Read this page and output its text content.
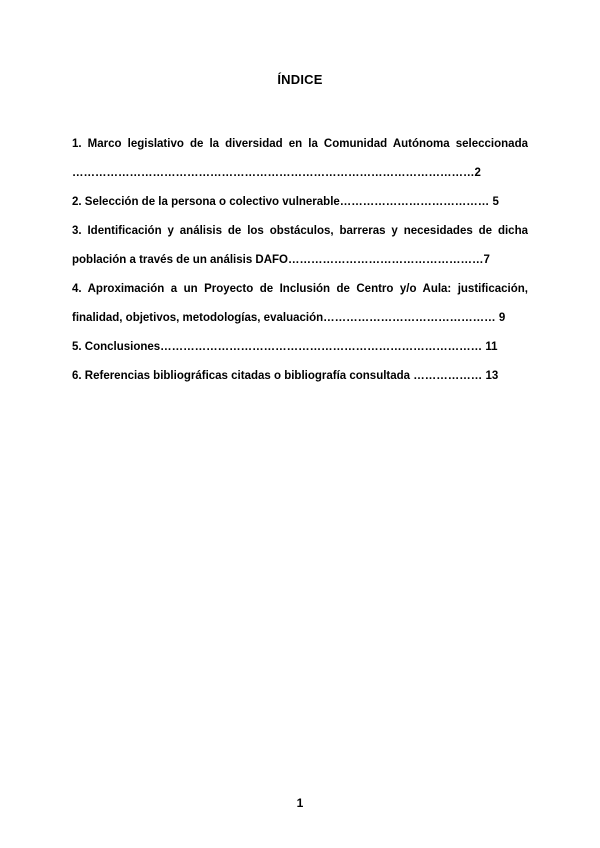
ÍNDICE
1. Marco legislativo de la diversidad en la Comunidad Autónoma seleccionada
……………………………………………………………………………………………2
2. Selección de la persona o colectivo vulnerable………………………………… 5
3. Identificación y análisis de los obstáculos, barreras y necesidades de dicha
población a través de un análisis DAFO……………………………………………7
4. Aproximación a un Proyecto de Inclusión de Centro y/o Aula: justificación,
finalidad, objetivos, metodologías, evaluación……………………………………… 9
5. Conclusiones………………………………………………………………………… 11
6. Referencias bibliográficas citadas o bibliografía consultada ……………… 13
1
